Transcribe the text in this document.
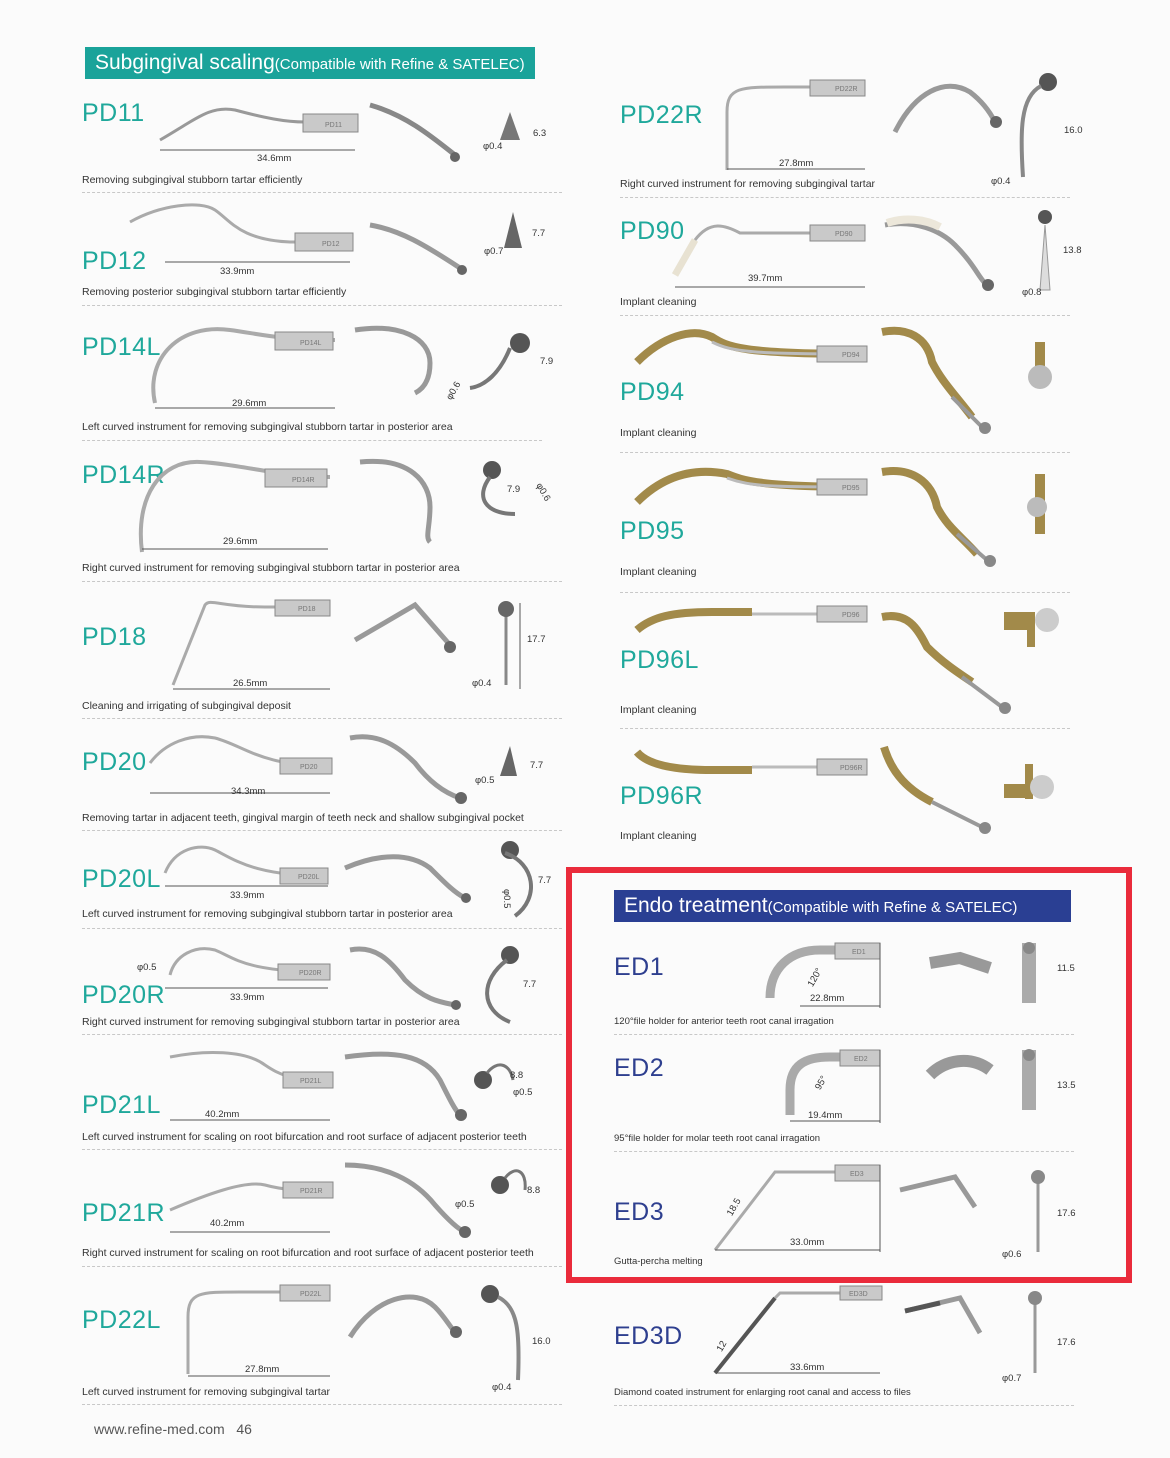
Subgingival scaling(Compatible with Refine & SATELEC)
Endo treatment(Compatible with Refine & SATELEC)
PD11	PD11
34.6mm
6.3
φ0.4
Removing subgingival stubborn tartar efficiently
PD12
PD12
33.9mm
7.7
φ0.7
Removing posterior subgingival stubborn tartar efficiently
PD14L	PD14L
29.6mm
7.9
φ0.6
Left curved instrument for removing subgingival stubborn tartar in posterior area
PD14R	PD14R
29.6mm
7.9 φ0.6
Right curved instrument for removing subgingival stubborn tartar in posterior area
PD18
PD18
26.5mm
17.7
φ0.4
Cleaning and irrigating of subgingival deposit
PD20	PD20
34.3mm
7.7
φ0.5
Removing tartar in adjacent teeth, gingival margin of teeth neck and shallow subgingival pocket
PD20L	PD20L
33.9mm
7.7
φ0.5
Left curved instrument for removing subgingival stubborn tartar in posterior area
PD20R
PD20R
φ0.5
33.9mm
7.7
Right curved instrument for removing subgingival stubborn tartar in posterior area
PD21L
PD21L
40.2mm
8.8
φ0.5
Left curved instrument for scaling on root bifurcation and root surface of adjacent posterior teeth
PD21R
PD21R
40.2mm
8.8
φ0.5
Right curved instrument for scaling on root bifurcation and root surface of adjacent posterior teeth
PD22L
PD22L
27.8mm
16.0
φ0.4
Left curved instrument for removing subgingival tartar
www.refine-med.com 46
PD22R
PD22R
27.8mm
16.0
φ0.4
Right curved instrument for removing subgingival tartar
PD90	PD90
39.7mm
13.8
φ0.8
Implant cleaning
PD94
PD94
Implant cleaning
PD95
PD95
Implant cleaning
PD96L
PD96
Implant cleaning
PD96R
PD96R
Implant cleaning
ED1
ED1
22.8mm
120°	11.5
120°file holder for anterior teeth root canal irragation
ED2	ED2
19.4mm
95°	13.5
95°file holder for molar teeth root canal irragation
ED3
ED3
33.0mm
18.5	17.6
φ0.6
Gutta-percha melting
ED3D
ED3D
33.6mm
12	17.6
φ0.7
Diamond coated instrument for enlarging root canal and access to files
